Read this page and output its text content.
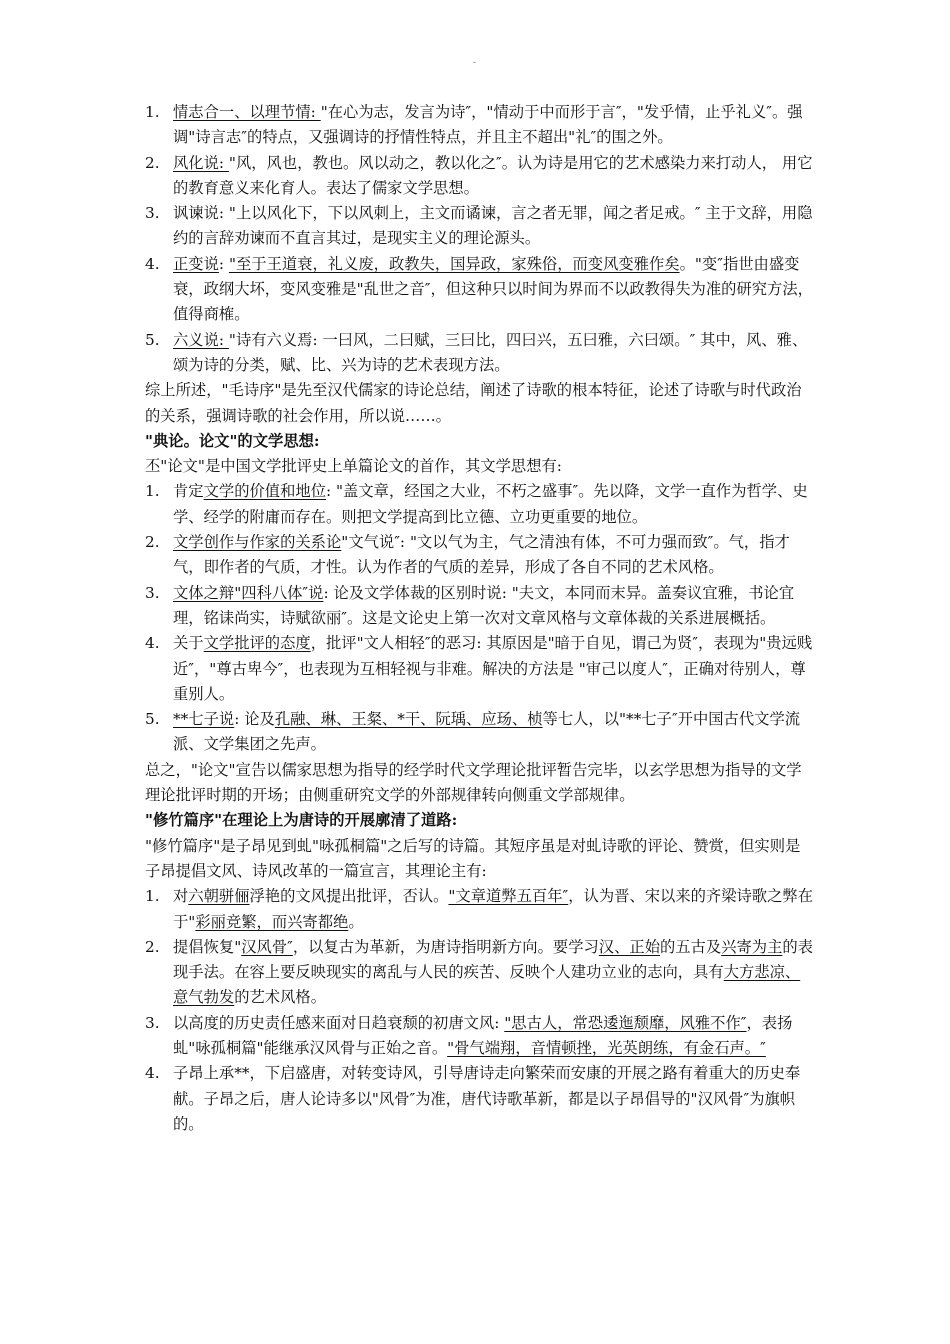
-
1. 情志合一、以理节情: "在心为志，发言为诗″，"情动于中而形于言″，"发乎情，止乎礼义″。强调"诗言志″的特点，又强调诗的抒情性特点，并且主不超出"礼″的围之外。
2. 风化说: "风，风也，教也。风以动之，教以化之″。认为诗是用它的艺术感染力来打动人， 用它的教育意义来化育人。表达了儒家文学思想。
3. 讽谏说: "上以风化下，下以风刺上，主文而谲谏，言之者无罪，闻之者足戒。″ 主于文辞，用隐约的言辞劝谏而不直言其过，是现实主义的理论源头。
4. 正变说: "至于王道衰，礼义废，政教失，国异政，家殊俗，而变风变雅作矣。"变″指世由盛变衰，政纲大坏，变风变雅是"乱世之音″，但这种只以时间为界而不以政教得失为准的研究方法，值得商榷。
5. 六义说: "诗有六义焉: 一曰风，二曰赋，三曰比，四曰兴，五曰雅，六曰颂。″ 其中，风、雅、颂为诗的分类，赋、比、兴为诗的艺术表现方法。

综上所述，"毛诗序"是先至汉代儒家的诗论总结，阐述了诗歌的根本特征，论述了诗歌与时代政治的关系，强调诗歌的社会作用，所以说……。

"典论。论文"的文学思想:

丕"论文"是中国文学批评史上单篇论文的首作，其文学思想有:

1. 肯定文学的价值和地位: "盖文章，经国之大业，不朽之盛事″。先以降，文学一直作为哲学、史学、经学的附庸而存在。则把文学提高到比立德、立功更重要的地位。
2. 文学创作与作家的关系论"文气说″: "文以气为主，气之清浊有体，不可力强而致″。气，指才气，即作者的气质，才性。认为作者的气质的差异，形成了各自不同的艺术风格。
3. 文体之辩"四科八体″说: 论及文学体裁的区别时说: "夫文，本同而末异。盖奏议宜雅，书论宜理，铭诔尚实，诗赋欲丽″。这是文论史上第一次对文章风格与文章体裁的关系进展概括。
4. 关于文学批评的态度，批评"文人相轻″的恶习: 其原因是"暗于自见，谓己为贤″，表现为"贵远贱近″，"尊古卑今″，也表现为互相轻视与非难。解决的方法是 "审己以度人″，正确对待别人，尊重别人。
5. **七子说: 论及孔融、琳、王粲、*干、阮瑀、应玚、桢等七人，以"**七子″开中国古代文学流派、文学集团之先声。

总之，"论文"宣告以儒家思想为指导的经学时代文学理论批评暂告完毕，以玄学思想为指导的文学理论批评时期的开场；由侧重研究文学的外部规律转向侧重文学部规律。

"修竹篇序"在理论上为唐诗的开展廓清了道路:

"修竹篇序"是子昂见到虬"咏孤桐篇"之后写的诗篇。其短序虽是对虬诗歌的评论、赞赏，但实则是子昂提倡文风、诗风改革的一篇宣言，其理论主有:

1. 对六朝骈俪浮艳的文风提出批评，否认。"文章道弊五百年″，认为晋、宋以来的齐梁诗歌之弊在于"彩丽竞繁，而兴寄都绝。
2. 提倡恢复"汉风骨″，以复古为革新，为唐诗指明新方向。要学习汉、正始的五古及兴寄为主的表现手法。在容上要反映现实的离乱与人民的疾苦、反映个人建功立业的志向，具有大方悲凉、意气勃发的艺术风格。
3. 以高度的历史责任感来面对日趋衰颓的初唐文风: "思古人，常恐逶迤颓靡，风雅不作″，表扬虬"咏孤桐篇"能继承汉风骨与正始之音。"骨气端翔，音情顿挫，光英朗练，有金石声。″
4. 子昂上承**，下启盛唐，对转变诗风，引导唐诗走向繁荣而安康的开展之路有着重大的历史奉献。子昂之后，唐人论诗多以"风骨″为准，唐代诗歌革新，都是以子昂倡导的"汉风骨″为旗帜的。
